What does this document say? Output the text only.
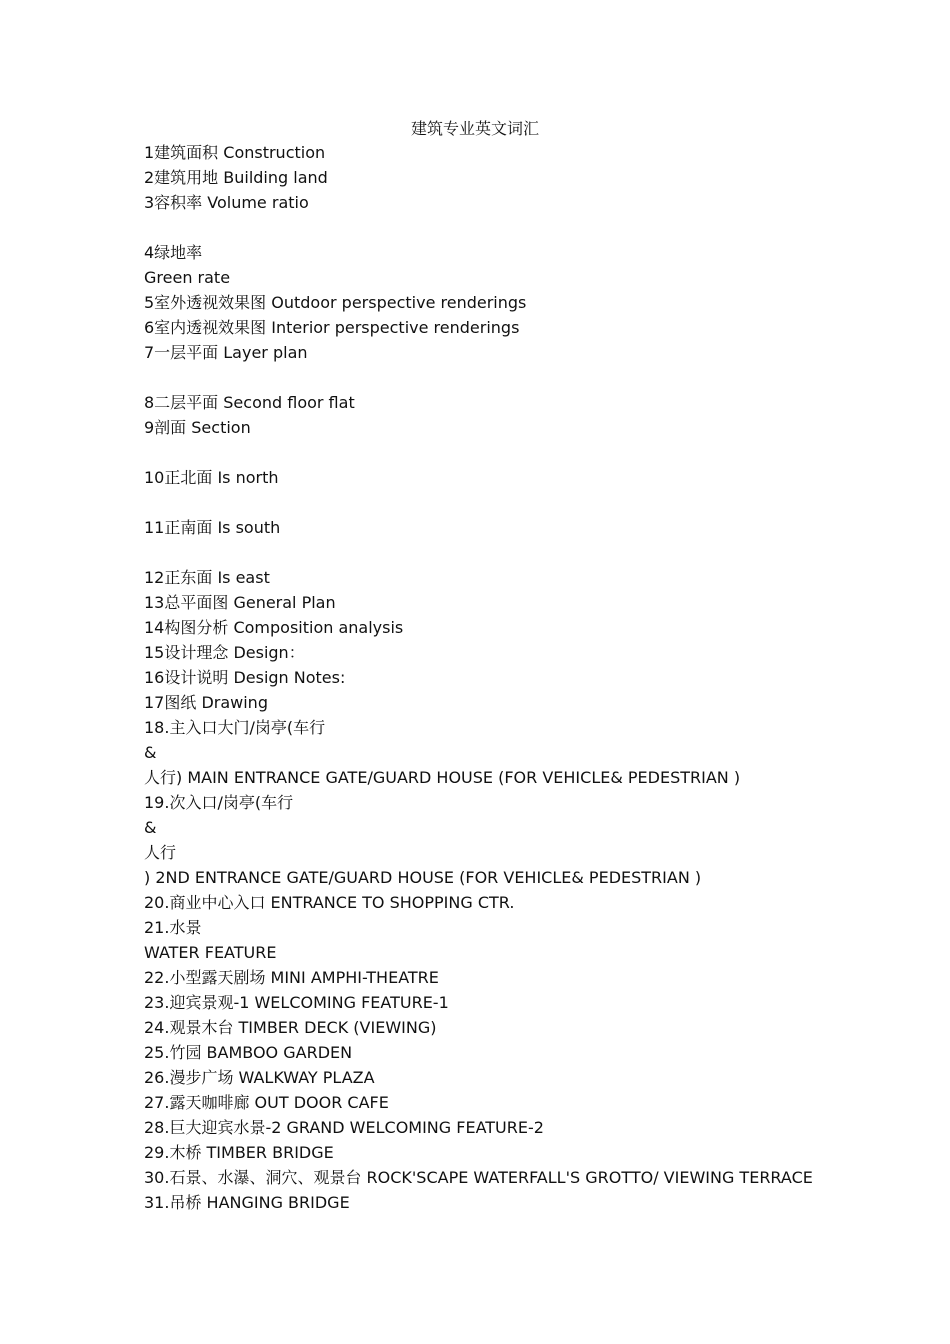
建筑专业英文词汇
1建筑面积 Construction
2建筑用地 Building land
3容积率 Volume ratio
4绿地率
Green rate
5室外透视效果图 Outdoor perspective renderings
6室内透视效果图 Interior perspective renderings
7一层平面 Layer plan
8二层平面 Second floor flat
9剖面 Section
10正北面 Is north
11正南面 Is south
12正东面 Is east
13总平面图 General Plan
14构图分析 Composition analysis
15设计理念 Design：
16设计说明 Design Notes:
17图纸 Drawing
18.主入口大门/岗亭(车行
&
人行) MAIN ENTRANCE GATE/GUARD HOUSE (FOR VEHICLE& PEDESTRIAN )
19.次入口/岗亭(车行
&
人行
) 2ND ENTRANCE GATE/GUARD HOUSE (FOR VEHICLE& PEDESTRIAN )
20.商业中心入口 ENTRANCE TO SHOPPING CTR.
21.水景
WATER FEATURE
22.小型露天剧场 MINI AMPHI-THEATRE
23.迎宾景观-1 WELCOMING FEATURE-1
24.观景木台 TIMBER DECK (VIEWING)
25.竹园 BAMBOO GARDEN
26.漫步广场 WALKWAY PLAZA
27.露天咖啡廊 OUT DOOR CAFE
28.巨大迎宾水景-2 GRAND WELCOMING FEATURE-2
29.木桥 TIMBER BRIDGE
30.石景、水瀑、洞穴、观景台 ROCK'SCAPE WATERFALL'S GROTTO/ VIEWING TERRACE
31.吊桥 HANGING BRIDGE
